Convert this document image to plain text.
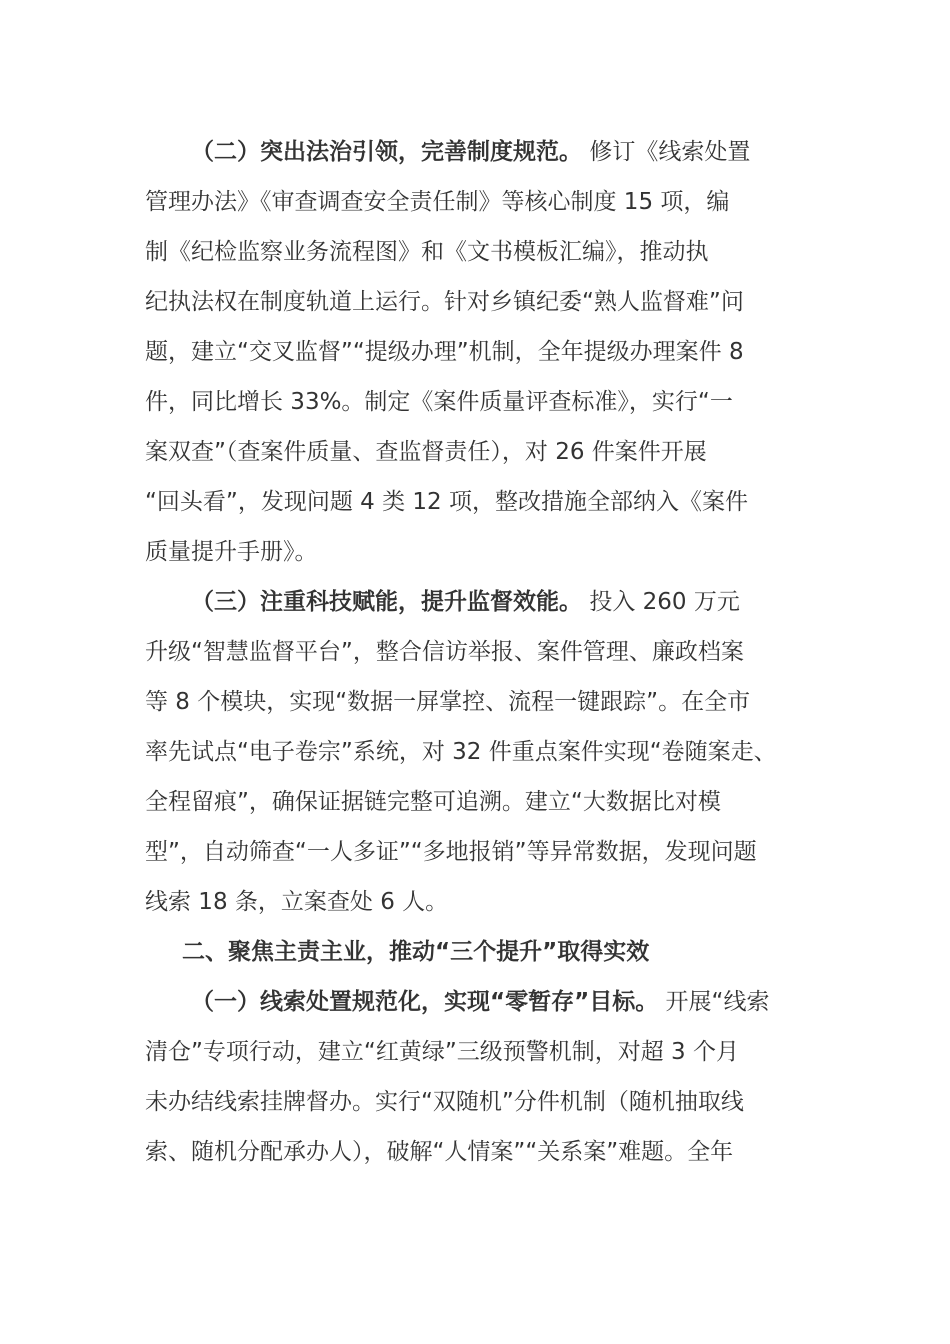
（二）突出法治引领，完善制度规范。 修订《线索处置
管理办法》《审查调查安全责任制》等核心制度 15 项，编
制《纪检监察业务流程图》和《文书模板汇编》，推动执
纪执法权在制度轨道上运行。针对乡镇纪委“熟人监督难”问
题，建立“交叉监督”“提级办理”机制，全年提级办理案件 8
件，同比增长 33%。制定《案件质量评查标准》，实行“一
案双查”（查案件质量、查监督责任），对 26 件案件开展
“回头看”，发现问题 4 类 12 项，整改措施全部纳入《案件
质量提升手册》。

（三）注重科技赋能，提升监督效能。 投入 260 万元
升级“智慧监督平台”，整合信访举报、案件管理、廉政档案
等 8 个模块，实现“数据一屏掌控、流程一键跟踪”。在全市
率先试点“电子卷宗”系统，对 32 件重点案件实现“卷随案走、
全程留痕”，确保证据链完整可追溯。建立“大数据比对模
型”，自动筛查“一人多证”“多地报销”等异常数据，发现问题
线索 18 条，立案查处 6 人。

二、聚焦主责主业，推动“三个提升”取得实效

（一）线索处置规范化，实现“零暂存”目标。 开展“线索
清仓”专项行动，建立“红黄绿”三级预警机制，对超 3 个月
未办结线索挂牌督办。实行“双随机”分件机制（随机抽取线
索、随机分配承办人），破解“人情案”“关系案”难题。全年
